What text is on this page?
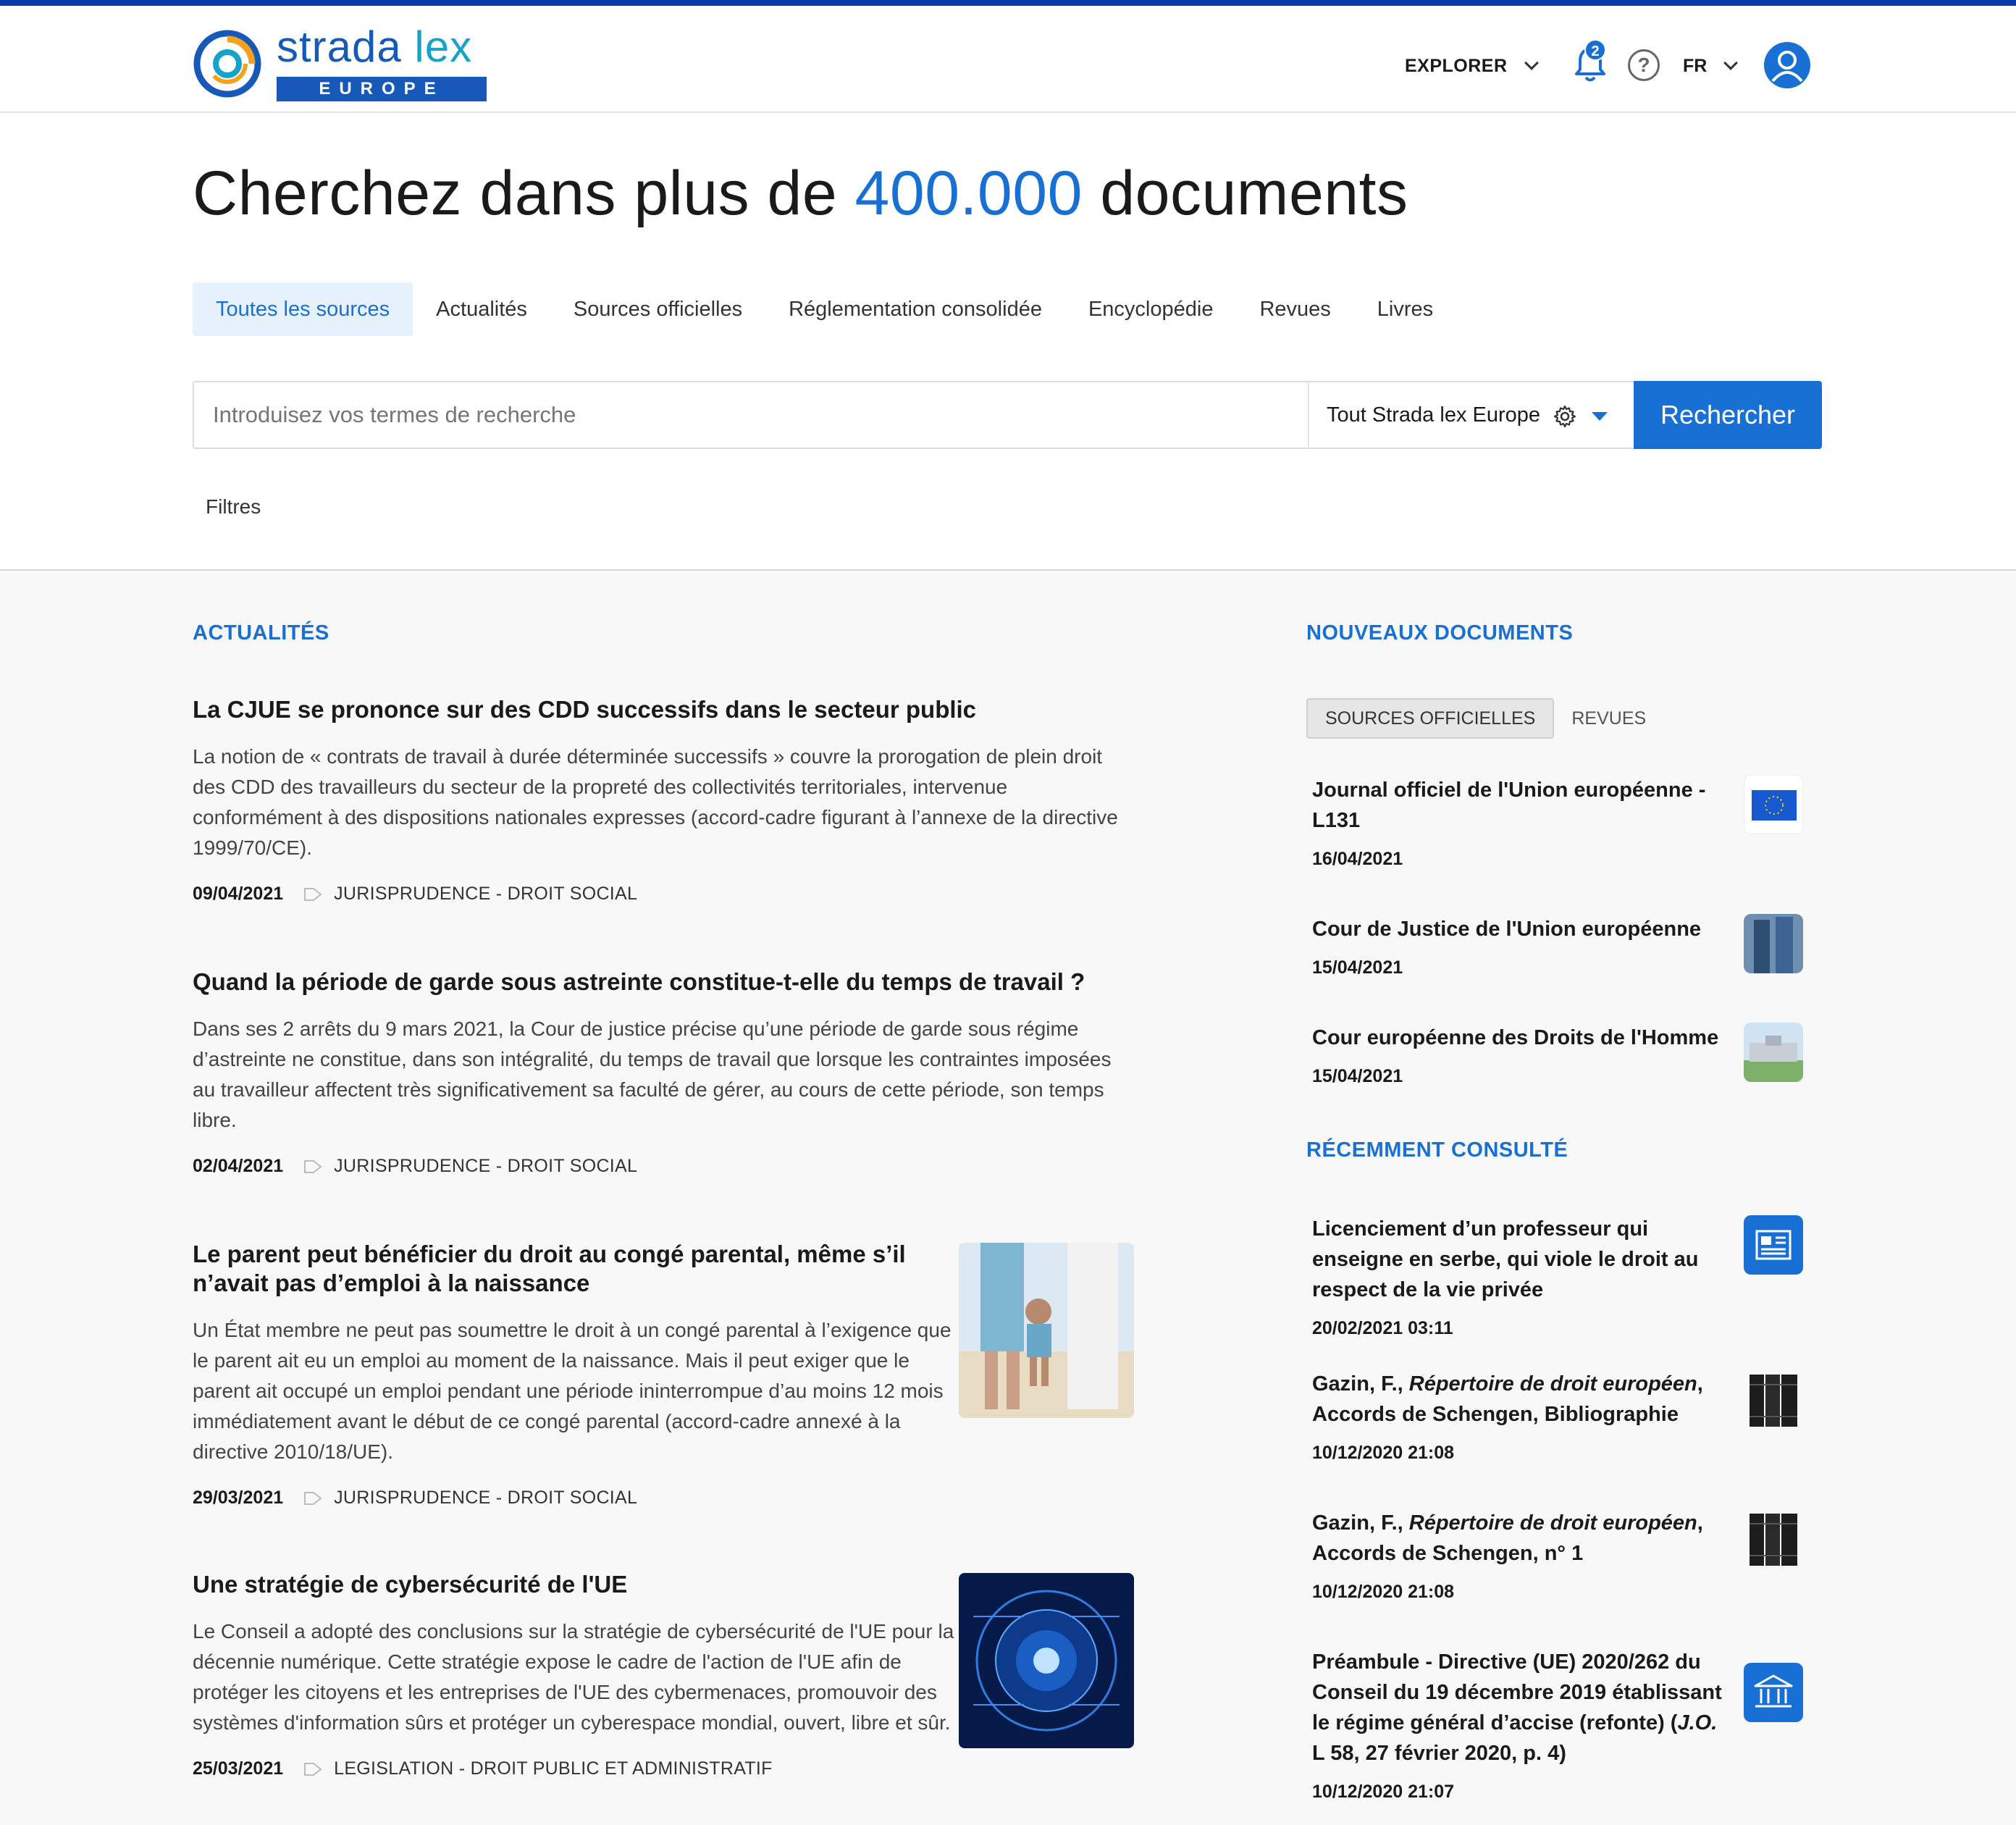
strada lex
EUROPE
EXPLORER
2
?	FR
Cherchez dans plus de 400.000 documents
Toutes les sources	Actualités	Sources officielles	Réglementation consolidée	Encyclopédie	Revues	Livres
Introduisez vos termes de recherche
Tout Strada lex Europe	Rechercher
Filtres
ACTUALITÉS
La CJUE se prononce sur des CDD successifs dans le secteur public
La notion de « contrats de travail à durée déterminée successifs » couvre la prorogation de plein droit des CDD des travailleurs du secteur de la propreté des collectivités territoriales, intervenue conformément à des dispositions nationales expresses (accord-cadre figurant à l’annexe de la directive 1999/70/CE).
09/04/2021	JURISPRUDENCE - DROIT SOCIAL
Quand la période de garde sous astreinte constitue-t-elle du temps de travail ?
Dans ses 2 arrêts du 9 mars 2021, la Cour de justice précise qu’une période de garde sous régime d’astreinte ne constitue, dans son intégralité, du temps de travail que lorsque les contraintes imposées au travailleur affectent très significativement sa faculté de gérer, au cours de cette période, son temps libre.
02/04/2021	JURISPRUDENCE - DROIT SOCIAL
Le parent peut bénéficier du droit au congé parental, même s’il n’avait pas d’emploi à la naissance
Un État membre ne peut pas soumettre le droit à un congé parental à l’exigence que le parent ait eu un emploi au moment de la naissance. Mais il peut exiger que le parent ait occupé un emploi pendant une période ininterrompue d’au moins 12 mois immédiatement avant le début de ce congé parental (accord-cadre annexé à la directive 2010/18/UE).
29/03/2021	JURISPRUDENCE - DROIT SOCIAL
Une stratégie de cybersécurité de l'UE
Le Conseil a adopté des conclusions sur la stratégie de cybersécurité de l'UE pour la décennie numérique. Cette stratégie expose le cadre de l'action de l'UE afin de protéger les citoyens et les entreprises de l'UE des cybermenaces, promouvoir des systèmes d'information sûrs et protéger un cyberespace mondial, ouvert, libre et sûr.
25/03/2021	LEGISLATION - DROIT PUBLIC ET ADMINISTRATIF
NOUVEAUX DOCUMENTS
SOURCES OFFICIELLES	REVUES
Journal officiel de l'Union européenne - L131
16/04/2021
Cour de Justice de l'Union européenne
15/04/2021
Cour européenne des Droits de l'Homme
15/04/2021
RÉCEMMENT CONSULTÉ
Licenciement d’un professeur qui enseigne en serbe, qui viole le droit au respect de la vie privée
20/02/2021 03:11
Gazin, F., Répertoire de droit européen, Accords de Schengen, Bibliographie
10/12/2020 21:08
Gazin, F., Répertoire de droit européen, Accords de Schengen, n° 1
10/12/2020 21:08
Préambule - Directive (UE) 2020/262 du Conseil du 19 décembre 2019 établissant le régime général d’accise (refonte) (J.O. L 58, 27 février 2020, p. 4)
10/12/2020 21:07
